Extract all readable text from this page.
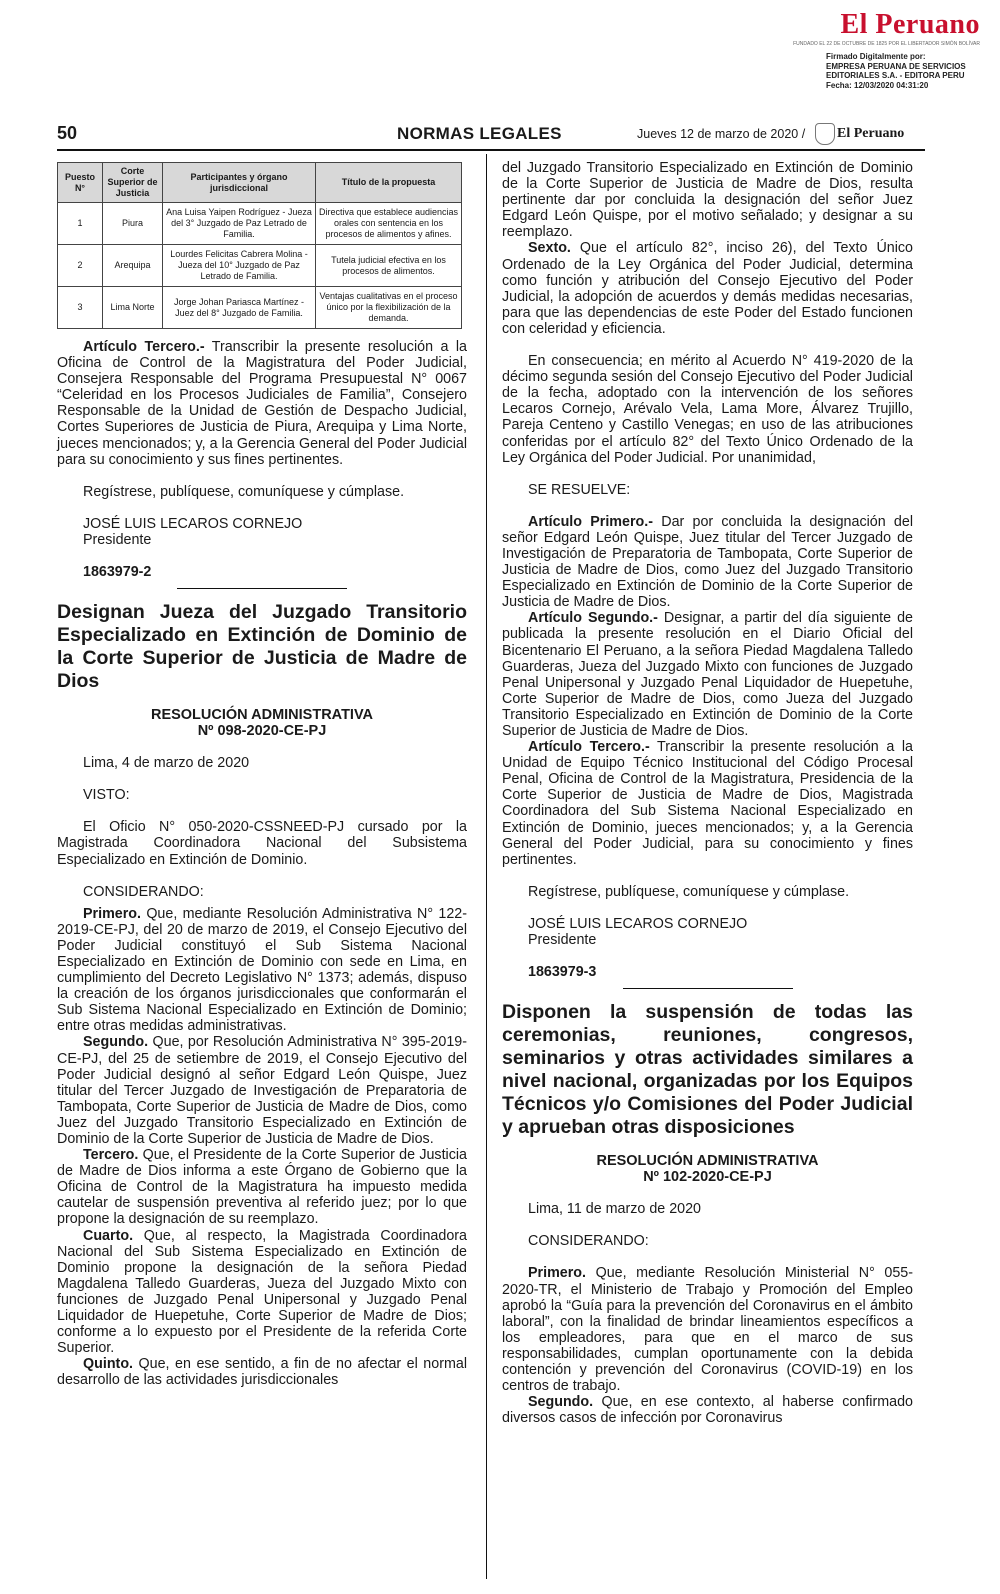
El Peruano
FUNDADO EL 22 DE OCTUBRE DE 1825 POR EL LIBERTADOR SIMÓN BOLÍVAR
Firmado Digitalmente por:
EMPRESA PERUANA DE SERVICIOS
EDITORIALES S.A. - EDITORA PERU
Fecha: 12/03/2020 04:31:20
50	NORMAS LEGALES	Jueves 12 de marzo de 2020 / El Peruano
Puesto N°	Corte Superior de Justicia	Participantes y órgano jurisdiccional	Título de la propuesta
1	Piura	Ana Luisa Yaipen Rodríguez - Jueza del 3° Juzgado de Paz Letrado de Familia.	Directiva que establece audiencias orales con sentencia en los procesos de alimentos y afines.
2	Arequipa	Lourdes Felicitas Cabrera Molina - Jueza del 10° Juzgado de Paz Letrado de Familia.	Tutela judicial efectiva en los procesos de alimentos.
3	Lima Norte	Jorge Johan Pariasca Martínez - Juez del 8° Juzgado de Familia.	Ventajas cualitativas en el proceso único por la flexibilización de la demanda.

Artículo Tercero.- Transcribir la presente resolución a la Oficina de Control de la Magistratura del Poder Judicial, Consejera Responsable del Programa Presupuestal N° 0067 “Celeridad en los Procesos Judiciales de Familia”, Consejero Responsable de la Unidad de Gestión de Despacho Judicial, Cortes Superiores de Justicia de Piura, Arequipa y Lima Norte, jueces mencionados; y, a la Gerencia General del Poder Judicial para su conocimiento y sus fines pertinentes.

Regístrese, publíquese, comuníquese y cúmplase.

JOSÉ LUIS LECAROS CORNEJO

Presidente

1863979-2

Designan Jueza del Juzgado Transitorio Especializado en Extinción de Dominio de la Corte Superior de Justicia de Madre de Dios

RESOLUCIÓN ADMINISTRATIVA

Nº 098-2020-CE-PJ

Lima, 4 de marzo de 2020

VISTO:

El Oficio N° 050-2020-CSSNEED-PJ cursado por la Magistrada Coordinadora Nacional del Subsistema Especializado en Extinción de Dominio.

CONSIDERANDO:

Primero. Que, mediante Resolución Administrativa N° 122-2019-CE-PJ, del 20 de marzo de 2019, el Consejo Ejecutivo del Poder Judicial constituyó el Sub Sistema Nacional Especializado en Extinción de Dominio con sede en Lima, en cumplimiento del Decreto Legislativo N° 1373; además, dispuso la creación de los órganos jurisdiccionales que conformarán el Sub Sistema Nacional Especializado en Extinción de Dominio; entre otras medidas administrativas.

Segundo. Que, por Resolución Administrativa N° 395-2019-CE-PJ, del 25 de setiembre de 2019, el Consejo Ejecutivo del Poder Judicial designó al señor Edgard León Quispe, Juez titular del Tercer Juzgado de Investigación de Preparatoria de Tambopata, Corte Superior de Justicia de Madre de Dios, como Juez del Juzgado Transitorio Especializado en Extinción de Dominio de la Corte Superior de Justicia de Madre de Dios.

Tercero. Que, el Presidente de la Corte Superior de Justicia de Madre de Dios informa a este Órgano de Gobierno que la Oficina de Control de la Magistratura ha impuesto medida cautelar de suspensión preventiva al referido juez; por lo que propone la designación de su reemplazo.

Cuarto. Que, al respecto, la Magistrada Coordinadora Nacional del Sub Sistema Especializado en Extinción de Dominio propone la designación de la señora Piedad Magdalena Talledo Guarderas, Jueza del Juzgado Mixto con funciones de Juzgado Penal Unipersonal y Juzgado Penal Liquidador de Huepetuhe, Corte Superior de Madre de Dios; conforme a lo expuesto por el Presidente de la referida Corte Superior.

Quinto. Que, en ese sentido, a fin de no afectar el normal desarrollo de las actividades jurisdiccionales

del Juzgado Transitorio Especializado en Extinción de Dominio de la Corte Superior de Justicia de Madre de Dios, resulta pertinente dar por concluida la designación del señor Juez Edgard León Quispe, por el motivo señalado; y designar a su reemplazo.

Sexto. Que el artículo 82°, inciso 26), del Texto Único Ordenado de la Ley Orgánica del Poder Judicial, determina como función y atribución del Consejo Ejecutivo del Poder Judicial, la adopción de acuerdos y demás medidas necesarias, para que las dependencias de este Poder del Estado funcionen con celeridad y eficiencia.

En consecuencia; en mérito al Acuerdo N° 419-2020 de la décimo segunda sesión del Consejo Ejecutivo del Poder Judicial de la fecha, adoptado con la intervención de los señores Lecaros Cornejo, Arévalo Vela, Lama More, Álvarez Trujillo, Pareja Centeno y Castillo Venegas; en uso de las atribuciones conferidas por el artículo 82° del Texto Único Ordenado de la Ley Orgánica del Poder Judicial. Por unanimidad,

SE RESUELVE:

Artículo Primero.- Dar por concluida la designación del señor Edgard León Quispe, Juez titular del Tercer Juzgado de Investigación de Preparatoria de Tambopata, Corte Superior de Justicia de Madre de Dios, como Juez del Juzgado Transitorio Especializado en Extinción de Dominio de la Corte Superior de Justicia de Madre de Dios.

Artículo Segundo.- Designar, a partir del día siguiente de publicada la presente resolución en el Diario Oficial del Bicentenario El Peruano, a la señora Piedad Magdalena Talledo Guarderas, Jueza del Juzgado Mixto con funciones de Juzgado Penal Unipersonal y Juzgado Penal Liquidador de Huepetuhe, Corte Superior de Madre de Dios, como Jueza del Juzgado Transitorio Especializado en Extinción de Dominio de la Corte Superior de Justicia de Madre de Dios.

Artículo Tercero.- Transcribir la presente resolución a la Unidad de Equipo Técnico Institucional del Código Procesal Penal, Oficina de Control de la Magistratura, Presidencia de la Corte Superior de Justicia de Madre de Dios, Magistrada Coordinadora del Sub Sistema Nacional Especializado en Extinción de Dominio, jueces mencionados; y, a la Gerencia General del Poder Judicial, para su conocimiento y fines pertinentes.

Regístrese, publíquese, comuníquese y cúmplase.

JOSÉ LUIS LECAROS CORNEJO

Presidente

1863979-3

Disponen la suspensión de todas las ceremonias, reuniones, congresos, seminarios y otras actividades similares a nivel nacional, organizadas por los Equipos Técnicos y/o Comisiones del Poder Judicial y aprueban otras disposiciones

RESOLUCIÓN ADMINISTRATIVA

Nº 102-2020-CE-PJ

Lima, 11 de marzo de 2020

CONSIDERANDO:

Primero. Que, mediante Resolución Ministerial N° 055-2020-TR, el Ministerio de Trabajo y Promoción del Empleo aprobó la “Guía para la prevención del Coronavirus en el ámbito laboral”, con la finalidad de brindar lineamientos específicos a los empleadores, para que en el marco de sus responsabilidades, cumplan oportunamente con la debida contención y prevención del Coronavirus (COVID-19) en los centros de trabajo.

Segundo. Que, en ese contexto, al haberse confirmado diversos casos de infección por Coronavirus
